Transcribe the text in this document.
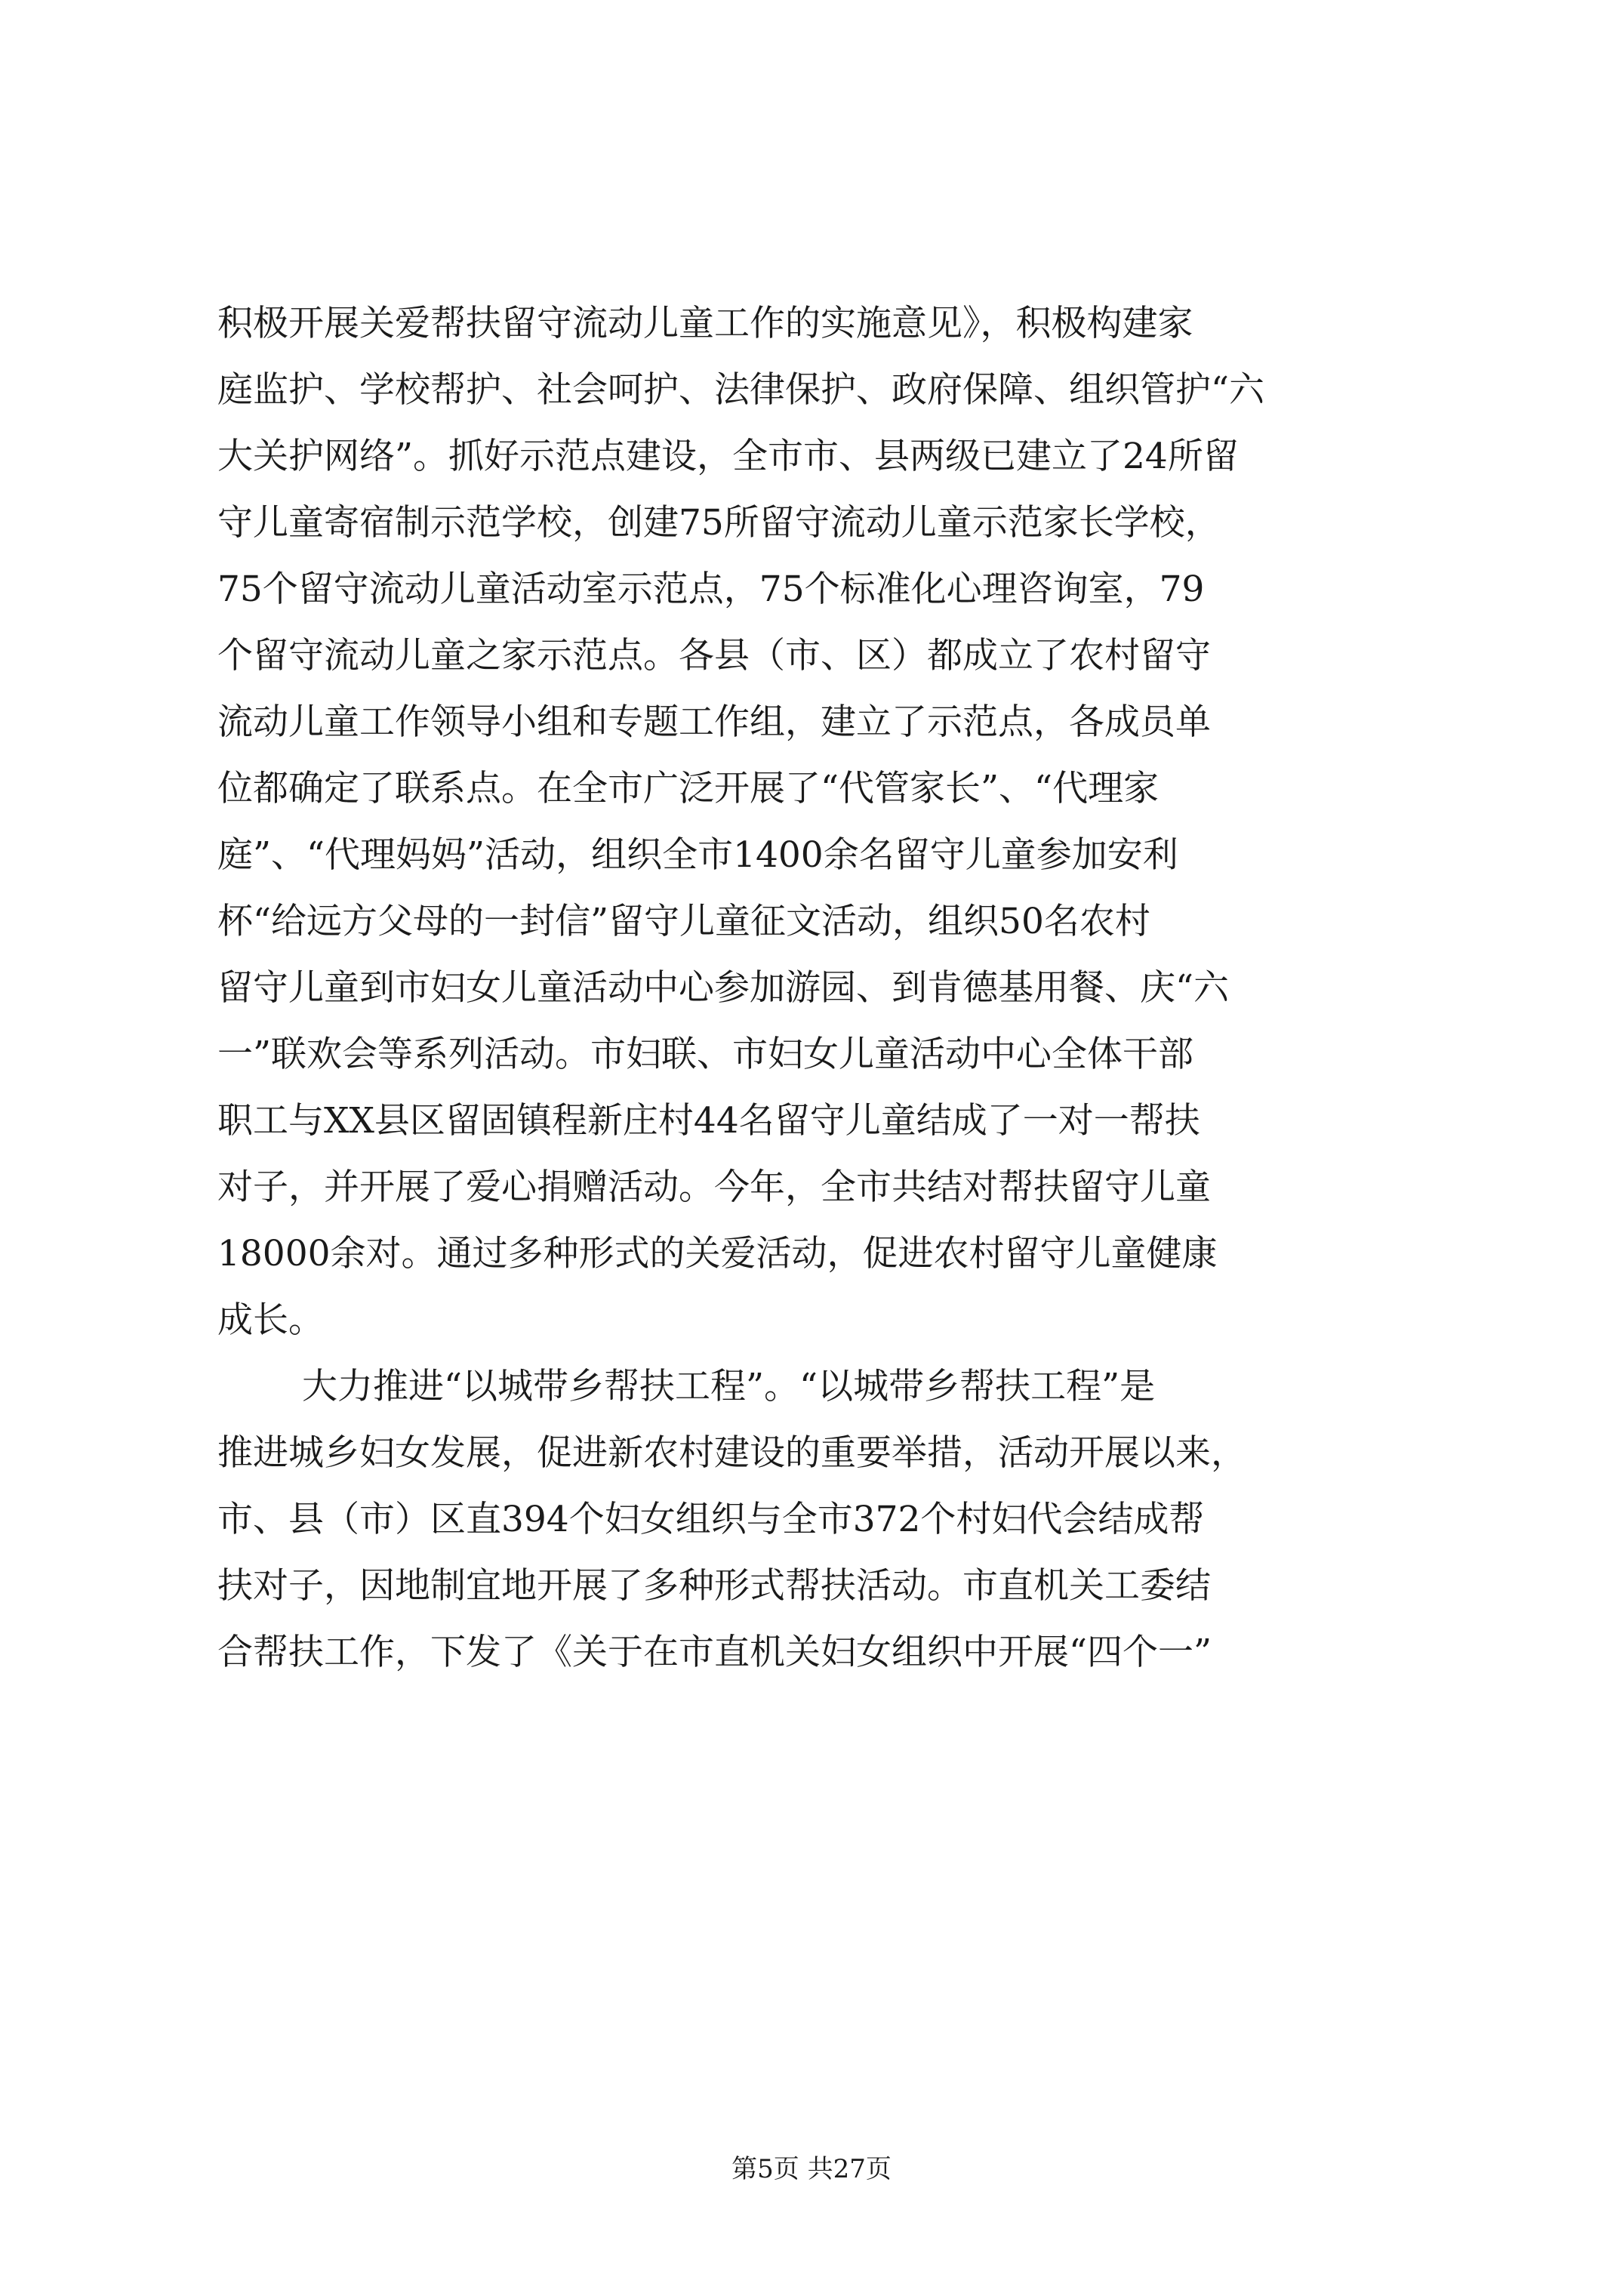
积极开展关爱帮扶留守流动儿童工作的实施意见》，积极构建家
庭监护、学校帮护、社会呵护、法律保护、政府保障、组织管护“六
大关护网络”。抓好示范点建设，全市市、县两级已建立了24所留
守儿童寄宿制示范学校，创建75所留守流动儿童示范家长学校，
75个留守流动儿童活动室示范点，75个标准化心理咨询室，79
个留守流动儿童之家示范点。各县（市、区）都成立了农村留守
流动儿童工作领导小组和专题工作组，建立了示范点，各成员单
位都确定了联系点。在全市广泛开展了“代管家长”、“代理家
庭”、“代理妈妈”活动，组织全市1400余名留守儿童参加安利
杯“给远方父母的一封信”留守儿童征文活动，组织50名农村
留守儿童到市妇女儿童活动中心参加游园、到肯德基用餐、庆“六
一”联欢会等系列活动。市妇联、市妇女儿童活动中心全体干部
职工与XX县区留固镇程新庄村44名留守儿童结成了一对一帮扶
对子，并开展了爱心捐赠活动。今年，全市共结对帮扶留守儿童
18000余对。通过多种形式的关爱活动，促进农村留守儿童健康
成长。
大力推进“以城带乡帮扶工程”。“以城带乡帮扶工程”是
推进城乡妇女发展，促进新农村建设的重要举措，活动开展以来，
市、县（市）区直394个妇女组织与全市372个村妇代会结成帮
扶对子，因地制宜地开展了多种形式帮扶活动。市直机关工委结
合帮扶工作，下发了《关于在市直机关妇女组织中开展“四个一”
第5页 共27页
